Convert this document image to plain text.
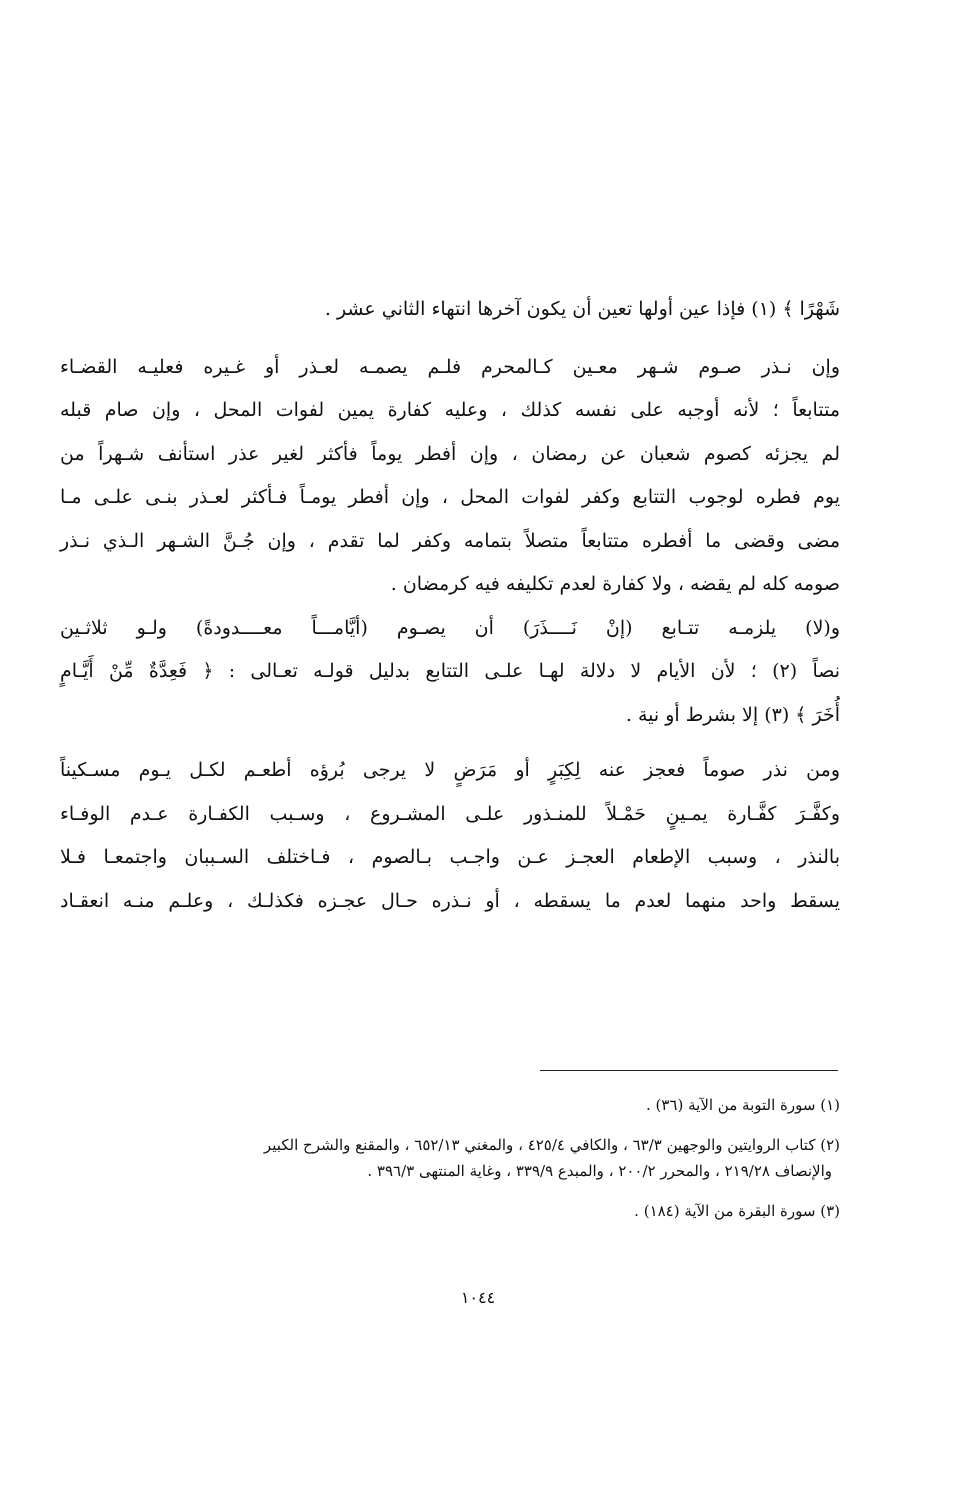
شَهْرًا ﴾ (١) فإذا عين أولها تعين أن يكون آخرها انتهاء الثاني عشر .
وإن نـذر صـوم شـهر معـين كـالمحرم فلـم يصمـه لعـذر أو غـيره فعليـه القضـاء
متتابعاً ؛ لأنه أوجبه على نفسه كذلك ، وعليه كفارة يمين لفوات المحل ، وإن صام قبله
لم يجزئه كصوم شعبان عن رمضان ، وإن أفطر يوماً فأكثر لغير عذر استأنف شـهراً من
يوم فطره لوجوب التتابع وكفر لفوات المحل ، وإن أفطر يومـاً فـأكثر لعـذر بنـى علـى مـا
مضى وقضى ما أفطره متتابعاً متصلاً بتمامه وكفر لما تقدم ، وإن جُـنَّ الشـهر الـذي نـذر
صومه كله لم يقضه ، ولا كفارة لعدم تكليفه فيه كرمضان .
و(لا) يلزمـه تتـابع (إنْ نَــــذَرَ) أن يصـوم (أيَّامـــاً معــــدودةً) ولـو ثلاثـين
نصاً (٢) ؛ لأن الأيام لا دلالة لهـا علـى التتابع بدليل قولـه تعـالى : ﴿ فَعِدَّةٌ مِّنْ أَيَّـامٍ
أُخَرَ ﴾ (٣) إلا بشرط أو نية .
ومن نذر صوماً فعجز عنه لِكِبَرٍ أو مَرَضٍ لا يرجى بُرؤه أطعـم لكـل يـوم مسـكيناً
وكفَّـرَ كفَّـارة يمـينٍ حَمْـلاً للمنـذور علـى المشـروع ، وسـبب الكفـارة عـدم الوفـاء
بالنذر ، وسبب الإطعام العجـز عـن واجـب بـالصوم ، فـاختلف السـببان واجتمعـا فـلا
يسقط واحد منهما لعدم ما يسقطه ، أو نـذره حـال عجـزه فكذلـك ، وعلـم منـه انعقـاد
(١) سورة التوبة من الآية (٣٦) .
(٢) كتاب الروايتين والوجهين ٦٣/٣ ، والكافي ٤٢٥/٤ ، والمغني ٦٥٢/١٣ ، والمقنع والشرح الكبير
والإنصاف ٢١٩/٢٨ ، والمحرر ٢٠٠/٢ ، والمبدع ٣٣٩/٩ ، وغاية المنتهى ٣٩٦/٣ .
(٣) سورة البقرة من الآية (١٨٤) .
١٠٤٤
